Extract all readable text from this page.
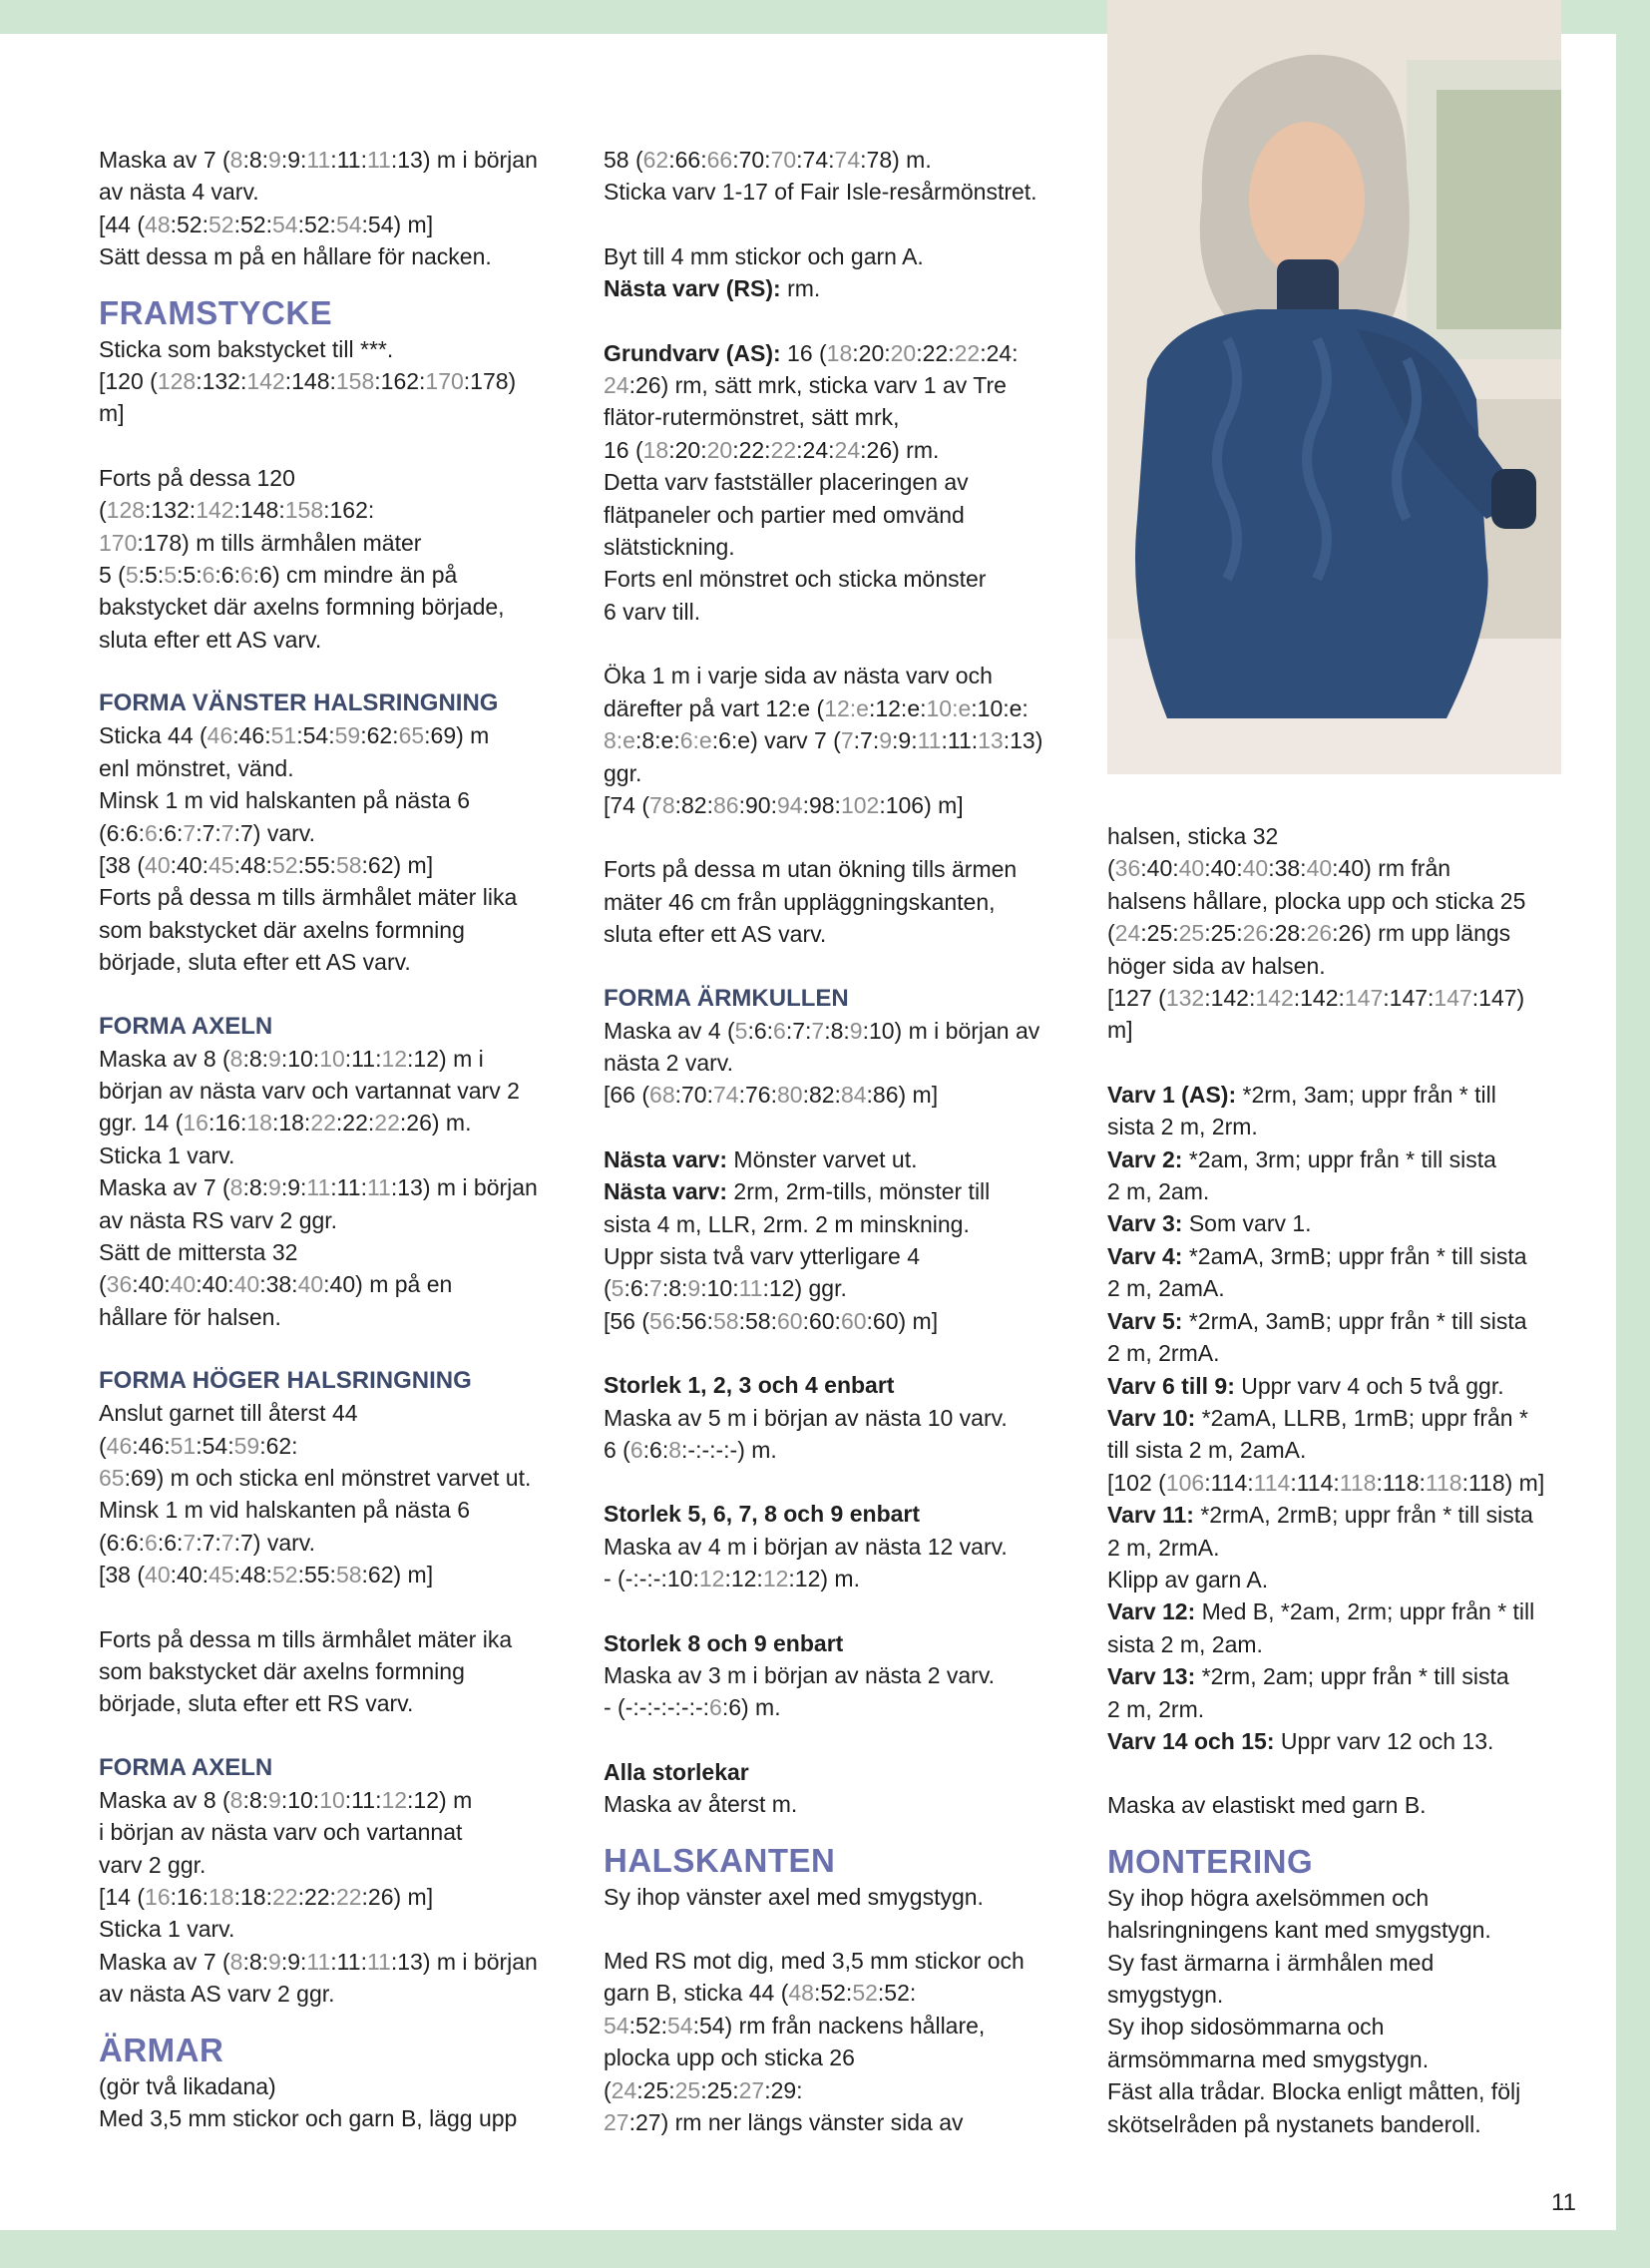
Maska av 7 (8:8:9:9:11:11:11:13) m i början
av nästa 4 varv.
[44 (48:52:52:52:54:52:54:54) m]
Sätt dessa m på en hållare för nacken.

FRAMSTYCKE

Sticka som bakstycket till ***.
[120 (128:132:142:148:158:162:170:178)
m]

Forts på dessa 120
(128:132:142:148:158:162:
170:178) m tills ärmhålen mäter
5 (5:5:5:5:6:6:6:6) cm mindre än på
bakstycket där axelns formning började,
sluta efter ett AS varv.

FORMA VÄNSTER HALSRINGNING

Sticka 44 (46:46:51:54:59:62:65:69) m
enl mönstret, vänd.
Minsk 1 m vid halskanten på nästa 6
(6:6:6:6:7:7:7:7) varv.
[38 (40:40:45:48:52:55:58:62) m]
Forts på dessa m tills ärmhålet mäter lika
som bakstycket där axelns formning
började, sluta efter ett AS varv.

FORMA AXELN

Maska av 8 (8:8:9:10:10:11:12:12) m i
början av nästa varv och vartannat varv 2
ggr. 14 (16:16:18:18:22:22:22:26) m.
Sticka 1 varv.
Maska av 7 (8:8:9:9:11:11:11:13) m i början
av nästa RS varv 2 ggr.
Sätt de mittersta 32
(36:40:40:40:40:38:40:40) m på en
hållare för halsen.

FORMA HÖGER HALSRINGNING

Anslut garnet till återst 44
(46:46:51:54:59:62:
65:69) m och sticka enl mönstret varvet ut.
Minsk 1 m vid halskanten på nästa 6
(6:6:6:6:7:7:7:7) varv.
[38 (40:40:45:48:52:55:58:62) m]

Forts på dessa m tills ärmhålet mäter ika
som bakstycket där axelns formning
började, sluta efter ett RS varv.

FORMA AXELN

Maska av 8 (8:8:9:10:10:11:12:12) m
i början av nästa varv och vartannat
varv 2 ggr.
[14 (16:16:18:18:22:22:22:26) m]
Sticka 1 varv.
Maska av 7 (8:8:9:9:11:11:11:13) m i början
av nästa AS varv 2 ggr.

ÄRMAR

(gör två likadana)
Med 3,5 mm stickor och garn B, lägg upp

58 (62:66:66:70:70:74:74:78) m.
Sticka varv 1-17 of Fair Isle-resårmönstret.

Byt till 4 mm stickor och garn A.
Nästa varv (RS): rm.

Grundvarv (AS): 16 (18:20:20:22:22:24:
24:26) rm, sätt mrk, sticka varv 1 av Tre
flätor-rutermönstret, sätt mrk,
16 (18:20:20:22:22:24:24:26) rm.
Detta varv fastställer placeringen av
flätpaneler och partier med omvänd
slätstickning.
Forts enl mönstret och sticka mönster
6 varv till.

Öka 1 m i varje sida av nästa varv och
därefter på vart 12:e (12:e:12:e:10:e:10:e:
8:e:8:e:6:e:6:e) varv 7 (7:7:9:9:11:11:13:13)
ggr.
[74 (78:82:86:90:94:98:102:106) m]

Forts på dessa m utan ökning tills ärmen
mäter 46 cm från uppläggningskanten,
sluta efter ett AS varv.

FORMA ÄRMKULLEN

Maska av 4 (5:6:6:7:7:8:9:10) m i början av
nästa 2 varv.
[66 (68:70:74:76:80:82:84:86) m]

Nästa varv: Mönster varvet ut.
Nästa varv: 2rm, 2rm-tills, mönster till
sista 4 m, LLR, 2rm. 2 m minskning.
Uppr sista två varv ytterligare 4
(5:6:7:8:9:10:11:12) ggr.
[56 (56:56:58:58:60:60:60:60) m]

Storlek 1, 2, 3 och 4 enbart
Maska av 5 m i början av nästa 10 varv.
6 (6:6:8:-:-:-:-) m.

Storlek 5, 6, 7, 8 och 9 enbart
Maska av 4 m i början av nästa 12 varv.
- (-:-:-:10:12:12:12:12) m.

Storlek 8 och 9 enbart
Maska av 3 m i början av nästa 2 varv.
- (-:-:-:-:-:-:6:6) m.

Alla storlekar
Maska av återst m.

HALSKANTEN

Sy ihop vänster axel med smygstygn.

Med RS mot dig, med 3,5 mm stickor och
garn B, sticka 44 (48:52:52:52:
54:52:54:54) rm från nackens hållare,
plocka upp och sticka 26
(24:25:25:25:27:29:
27:27) rm ner längs vänster sida av

halsen, sticka 32
(36:40:40:40:40:38:40:40) rm från
halsens hållare, plocka upp och sticka 25
(24:25:25:25:26:28:26:26) rm upp längs
höger sida av halsen.
[127 (132:142:142:142:147:147:147:147)
m]

Varv 1 (AS): *2rm, 3am; uppr från * till
sista 2 m, 2rm.
Varv 2: *2am, 3rm; uppr från * till sista
2 m, 2am.
Varv 3: Som varv 1.
Varv 4: *2amA, 3rmB; uppr från * till sista
2 m, 2amA.
Varv 5: *2rmA, 3amB; uppr från * till sista
2 m, 2rmA.
Varv 6 till 9: Uppr varv 4 och 5 två ggr.
Varv 10: *2amA, LLRB, 1rmB; uppr från *
till sista 2 m, 2amA.
[102 (106:114:114:114:118:118:118:118) m]
Varv 11: *2rmA, 2rmB; uppr från * till sista
2 m, 2rmA.
Klipp av garn A.
Varv 12: Med B, *2am, 2rm; uppr från * till
sista 2 m, 2am.
Varv 13: *2rm, 2am; uppr från * till sista
2 m, 2rm.
Varv 14 och 15: Uppr varv 12 och 13.

Maska av elastiskt med garn B.

MONTERING

Sy ihop högra axelsömmen och
halsringningens kant med smygstygn.
Sy fast ärmarna i ärmhålen med
smygstygn.
Sy ihop sidosömmarna och
ärmsömmarna med smygstygn.
Fäst alla trådar. Blocka enligt måtten, följ
skötselråden på nystanets banderoll.

11
